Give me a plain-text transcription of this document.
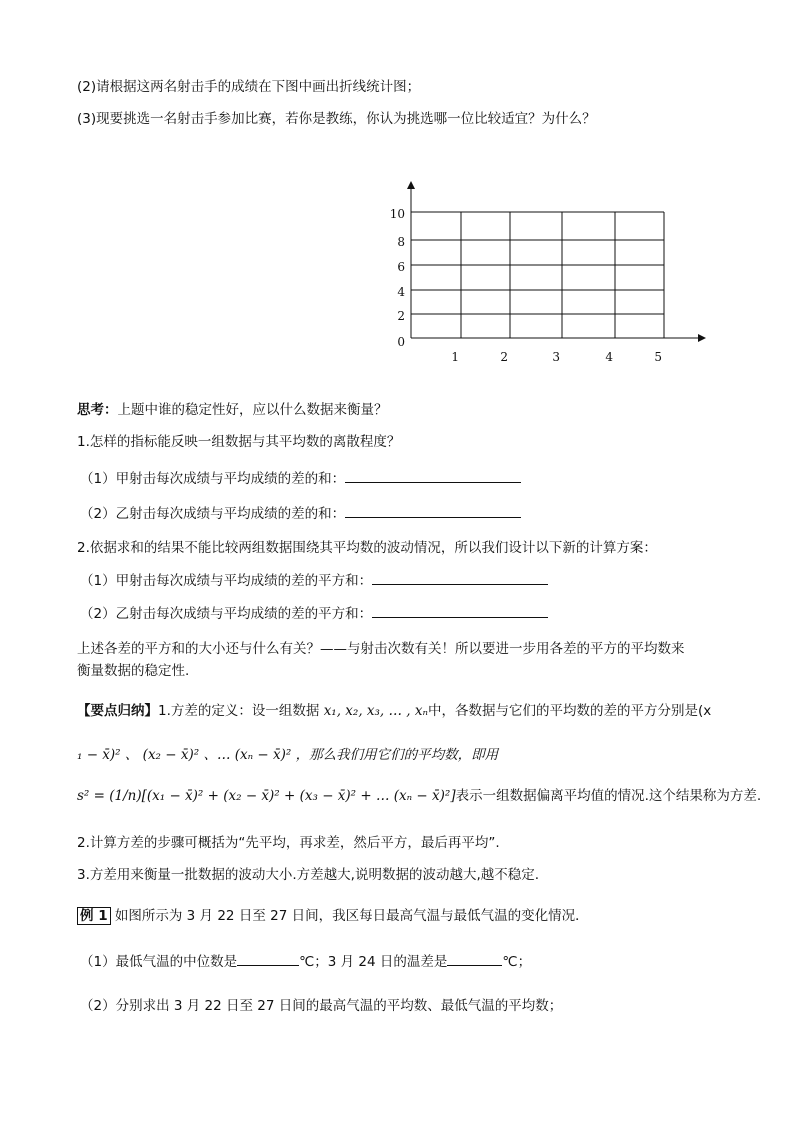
(2)请根据这两名射击手的成绩在下图中画出折线统计图；
(3)现要挑选一名射击手参加比赛，若你是教练，你认为挑选哪一位比较适宜？为什么？
0
2
4
6
8
10
1	2	3	4	5
思考：上题中谁的稳定性好，应以什么数据来衡量？
1.怎样的指标能反映一组数据与其平均数的离散程度？
（1）甲射击每次成绩与平均成绩的差的和：
（2）乙射击每次成绩与平均成绩的差的和：
2.依据求和的结果不能比较两组数据围绕其平均数的波动情况，所以我们设计以下新的计算方案：
（1）甲射击每次成绩与平均成绩的差的平方和：
（2）乙射击每次成绩与平均成绩的差的平方和：
上述各差的平方和的大小还与什么有关？——与射击次数有关！所以要进一步用各差的平方的平均数来
衡量数据的稳定性.
【要点归纳】1.方差的定义：设一组数据 x₁, x₂, x₃, … , xₙ中，各数据与它们的平均数的差的平方分别是(x
₁ − x̄)² 、 (x₂ − x̄)² 、… (xₙ − x̄)² ，那么我们用它们的平均数，即用
s² = (1/n)[(x₁ − x̄)² + (x₂ − x̄)² + (x₃ − x̄)² + … (xₙ − x̄)²]表示一组数据偏离平均值的情况.这个结果称为方差.
2.计算方差的步骤可概括为“先平均，再求差，然后平方，最后再平均”.
3.方差用来衡量一批数据的波动大小.方差越大,说明数据的波动越大,越不稳定.
例 1 如图所示为 3 月 22 日至 27 日间，我区每日最高气温与最低气温的变化情况．
（1）最低气温的中位数是	℃；3 月 24 日的温差是	℃；
（2）分别求出 3 月 22 日至 27 日间的最高气温的平均数、最低气温的平均数；
